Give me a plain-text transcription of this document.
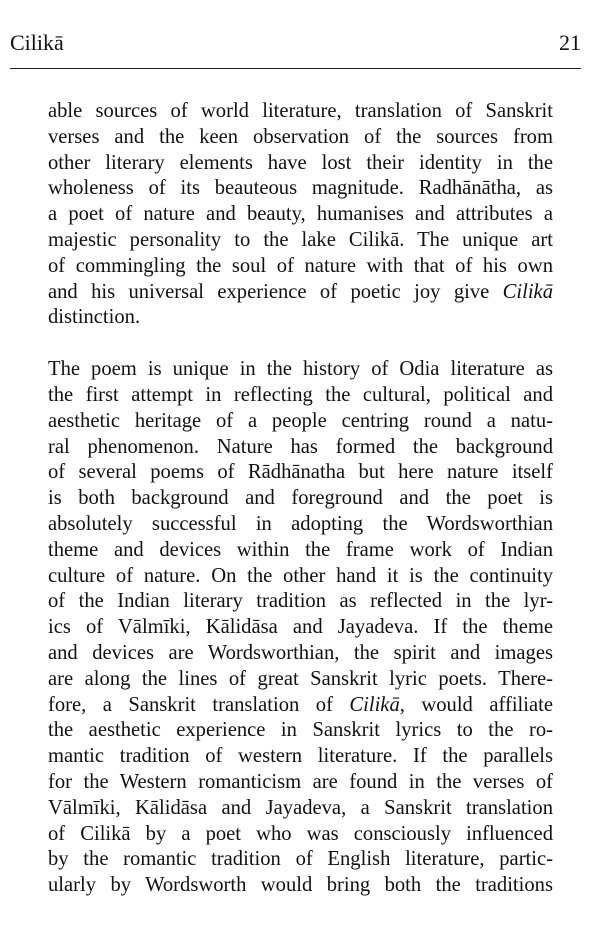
Cilikā	21

able sources of world literature, translation of Sanskrit
verses and the keen observation of the sources from
other literary elements have lost their identity in the
wholeness of its beauteous magnitude. Radhānātha, as
a poet of nature and beauty, humanises and attributes a
majestic personality to the lake Cilikā. The unique art
of commingling the soul of nature with that of his own
and his universal experience of poetic joy give Cilikā
distinction.

The poem is unique in the history of Odia literature as
the first attempt in reflecting the cultural, political and
aesthetic heritage of a people centring round a natu-
ral phenomenon. Nature has formed the background
of several poems of Rādhānatha but here nature itself
is both background and foreground and the poet is
absolutely successful in adopting the Wordsworthian
theme and devices within the frame work of Indian
culture of nature. On the other hand it is the continuity
of the Indian literary tradition as reflected in the lyr-
ics of Vālmīki, Kālidāsa and Jayadeva. If the theme
and devices are Wordsworthian, the spirit and images
are along the lines of great Sanskrit lyric poets. There-
fore, a Sanskrit translation of Cilikā, would affiliate
the aesthetic experience in Sanskrit lyrics to the ro-
mantic tradition of western literature. If the parallels
for the Western romanticism are found in the verses of
Vālmīki, Kālidāsa and Jayadeva, a Sanskrit translation
of Cilikā by a poet who was consciously influenced
by the romantic tradition of English literature, partic-
ularly by Wordsworth would bring both the traditions
